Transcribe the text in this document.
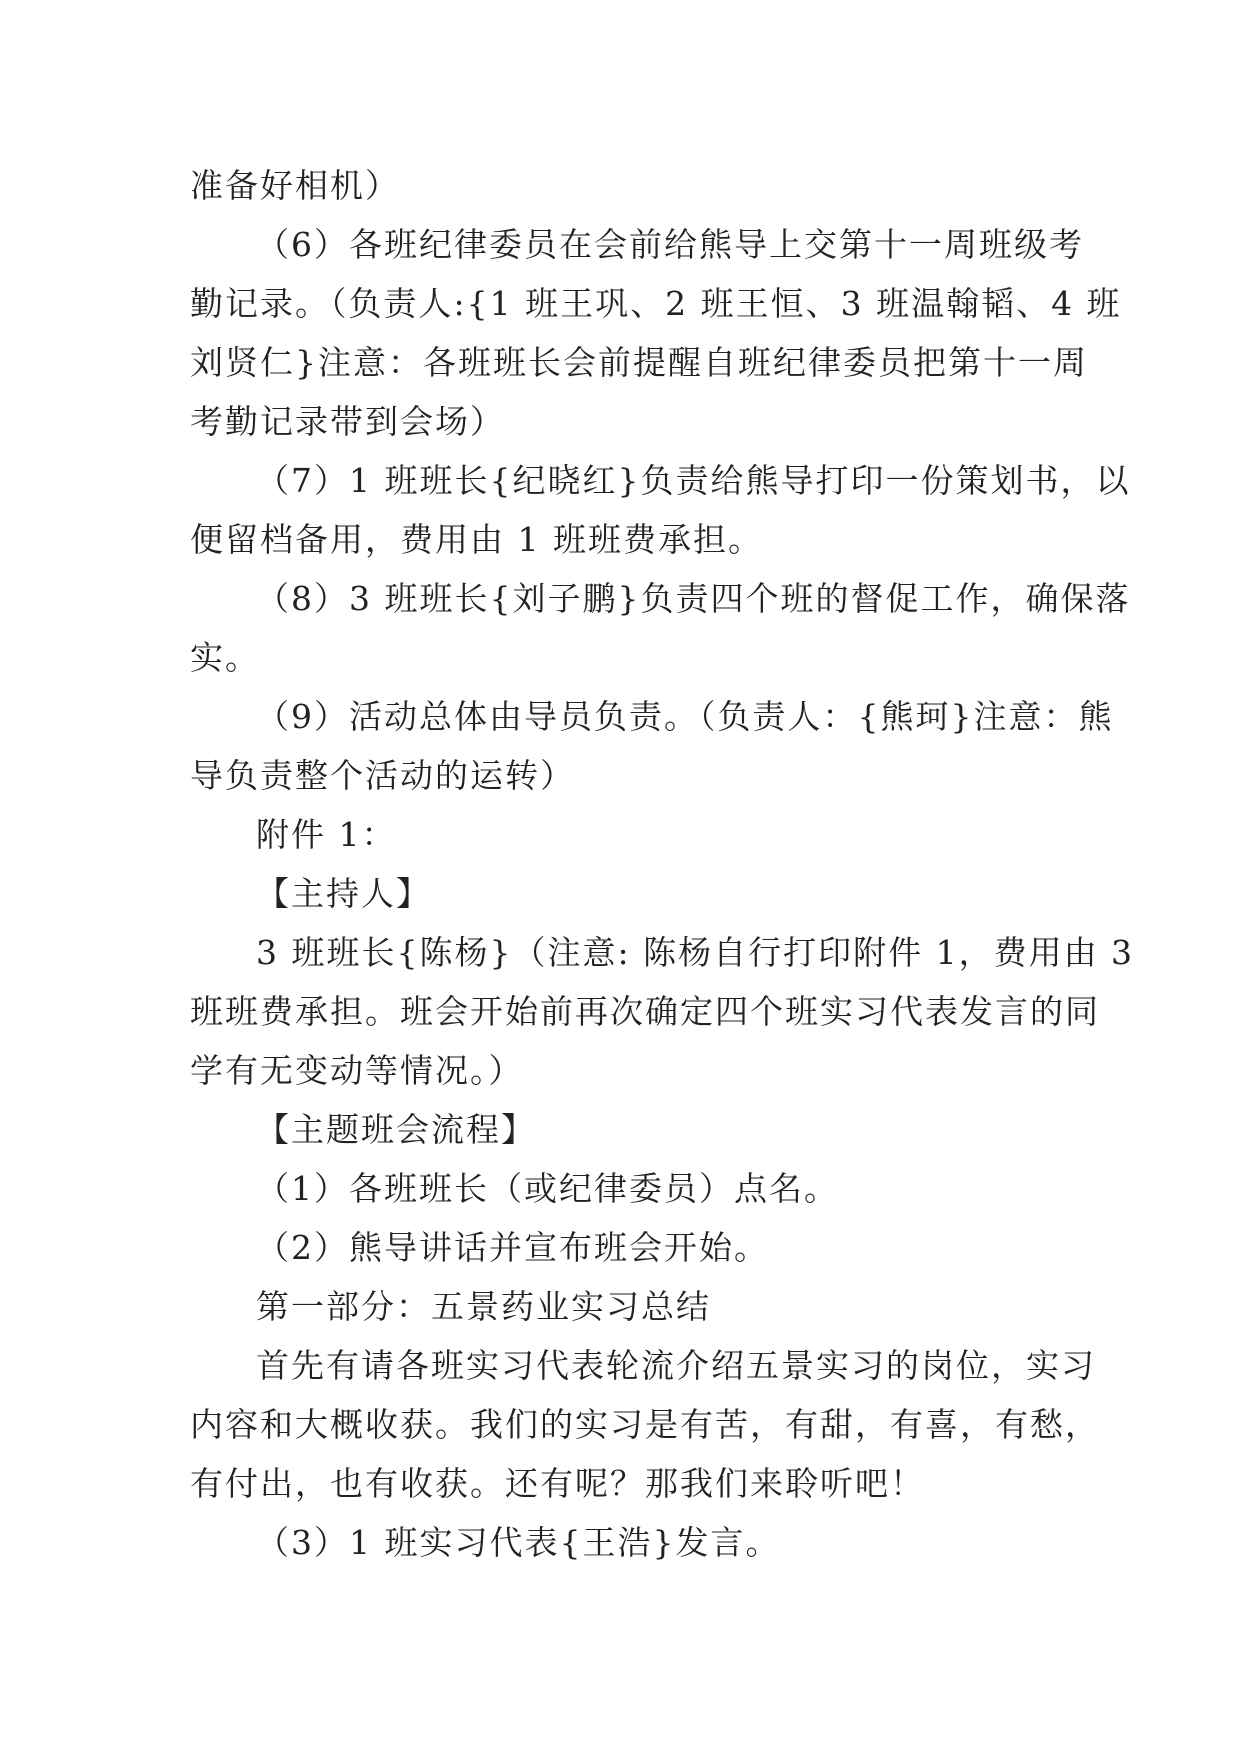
准备好相机）
（6）各班纪律委员在会前给熊导上交第十一周班级考
勤记录。（负责人:{1 班王巩、2 班王恒、3 班温翰韬、4 班
刘贤仁}注意：各班班长会前提醒自班纪律委员把第十一周
考勤记录带到会场）
（7）1 班班长{纪晓红}负责给熊导打印一份策划书，以
便留档备用，费用由 1 班班费承担。
（8）3 班班长{刘子鹏}负责四个班的督促工作，确保落
实。
（9）活动总体由导员负责。（负责人：{熊珂}注意：熊
导负责整个活动的运转）
附件 1：
【主持人】
3 班班长{陈杨}（注意: 陈杨自行打印附件 1，费用由 3
班班费承担。班会开始前再次确定四个班实习代表发言的同
学有无变动等情况。）
【主题班会流程】
（1）各班班长（或纪律委员）点名。
（2）熊导讲话并宣布班会开始。
第一部分：五景药业实习总结
首先有请各班实习代表轮流介绍五景实习的岗位，实习
内容和大概收获。我们的实习是有苦，有甜，有喜，有愁，
有付出，也有收获。还有呢？那我们来聆听吧！
（3）1 班实习代表{王浩}发言。
